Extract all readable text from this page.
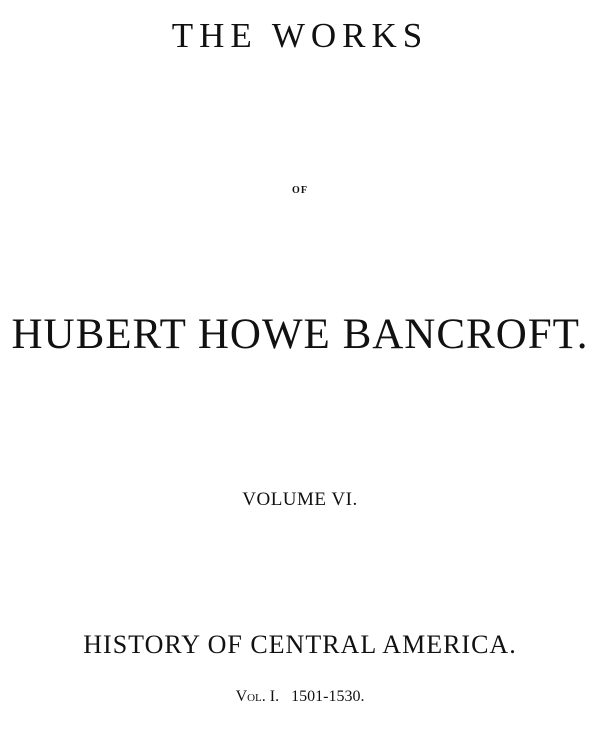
THE WORKS
OF
HUBERT HOWE BANCROFT.
VOLUME VI.
HISTORY OF CENTRAL AMERICA.
Vol. I. 1501-1530.
